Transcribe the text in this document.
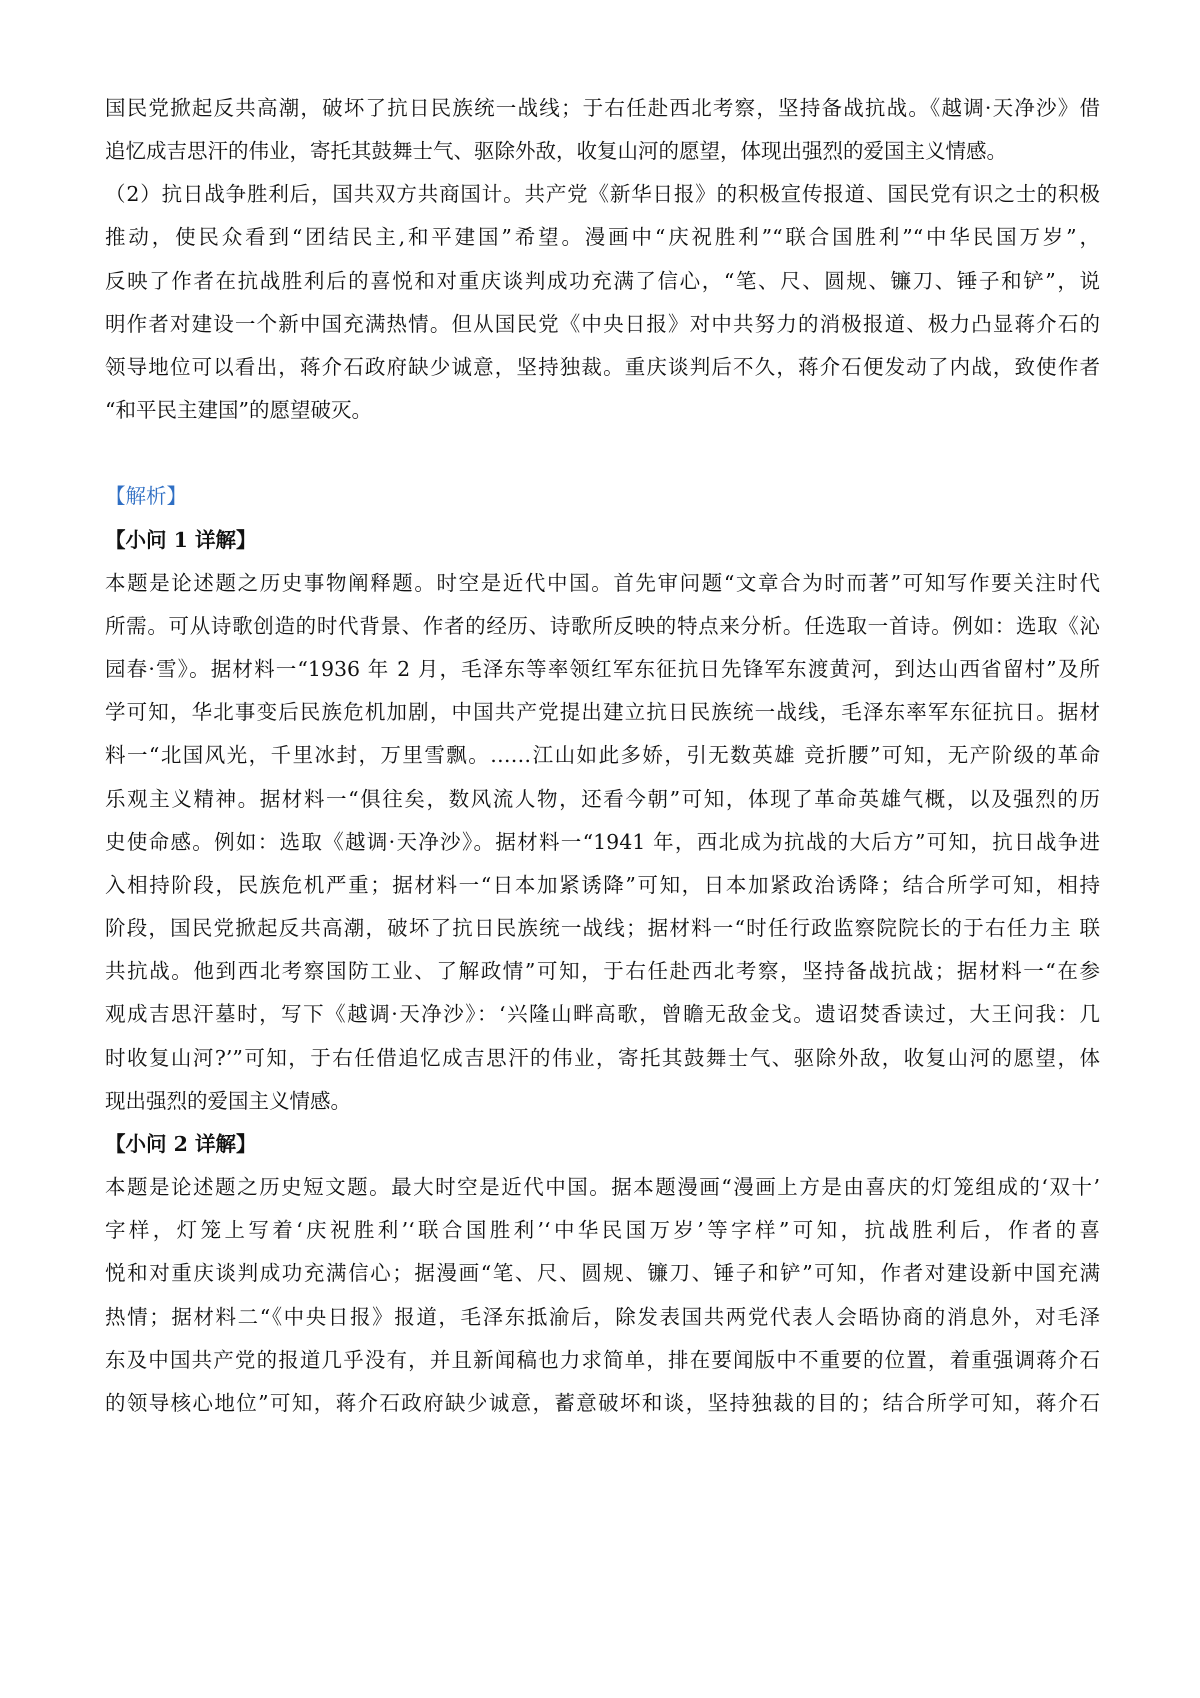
国民党掀起反共高潮，破坏了抗日民族统一战线；于右任赴西北考察，坚持备战抗战。《越调·天净沙》借
追忆成吉思汗的伟业，寄托其鼓舞士气、驱除外敌，收复山河的愿望，体现出强烈的爱国主义情感。
（2）抗日战争胜利后，国共双方共商国计。共产党《新华日报》的积极宣传报道、国民党有识之士的积极
推动，使民众看到“团结民主,和平建国”希望。漫画中“庆祝胜利”“联合国胜利”“中华民国万岁”，
反映了作者在抗战胜利后的喜悦和对重庆谈判成功充满了信心，“笔、尺、圆规、镰刀、锤子和铲”，说
明作者对建设一个新中国充满热情。但从国民党《中央日报》对中共努力的消极报道、极力凸显蒋介石的
领导地位可以看出，蒋介石政府缺少诚意，坚持独裁。重庆谈判后不久，蒋介石便发动了内战，致使作者
“和平民主建国”的愿望破灭。
【解析】
【小问 1 详解】
本题是论述题之历史事物阐释题。时空是近代中国。首先审问题“文章合为时而著”可知写作要关注时代
所需。可从诗歌创造的时代背景、作者的经历、诗歌所反映的特点来分析。任选取一首诗。例如：选取《沁
园春·雪》。据材料一“1936 年 2 月，毛泽东等率领红军东征抗日先锋军东渡黄河，到达山西省留村”及所
学可知，华北事变后民族危机加剧，中国共产党提出建立抗日民族统一战线，毛泽东率军东征抗日。据材
料一“北国风光，千里冰封，万里雪飘。……江山如此多娇，引无数英雄 竞折腰”可知，无产阶级的革命
乐观主义精神。据材料一“俱往矣，数风流人物，还看今朝”可知，体现了革命英雄气概，以及强烈的历
史使命感。例如：选取《越调·天净沙》。据材料一“1941 年，西北成为抗战的大后方”可知，抗日战争进
入相持阶段，民族危机严重；据材料一“日本加紧诱降”可知，日本加紧政治诱降；结合所学可知，相持
阶段，国民党掀起反共高潮，破坏了抗日民族统一战线；据材料一“时任行政监察院院长的于右任力主 联
共抗战。他到西北考察国防工业、了解政情”可知，于右任赴西北考察，坚持备战抗战；据材料一“在参
观成吉思汗墓时，写下《越调·天净沙》：‘兴隆山畔高歌，曾瞻无敌金戈。遗诏焚香读过，大王问我：几
时收复山河?’”可知，于右任借追忆成吉思汗的伟业，寄托其鼓舞士气、驱除外敌，收复山河的愿望，体
现出强烈的爱国主义情感。
【小问 2 详解】
本题是论述题之历史短文题。最大时空是近代中国。据本题漫画“漫画上方是由喜庆的灯笼组成的‘双十’
字样，灯笼上写着‘庆祝胜利’‘联合国胜利’‘中华民国万岁’等字样”可知，抗战胜利后，作者的喜
悦和对重庆谈判成功充满信心；据漫画“笔、尺、圆规、镰刀、锤子和铲”可知，作者对建设新中国充满
热情；据材料二“《中央日报》报道，毛泽东抵渝后，除发表国共两党代表人会晤协商的消息外，对毛泽
东及中国共产党的报道几乎没有，并且新闻稿也力求简单，排在要闻版中不重要的位置，着重强调蒋介石
的领导核心地位”可知，蒋介石政府缺少诚意，蓄意破坏和谈，坚持独裁的目的；结合所学可知，蒋介石
